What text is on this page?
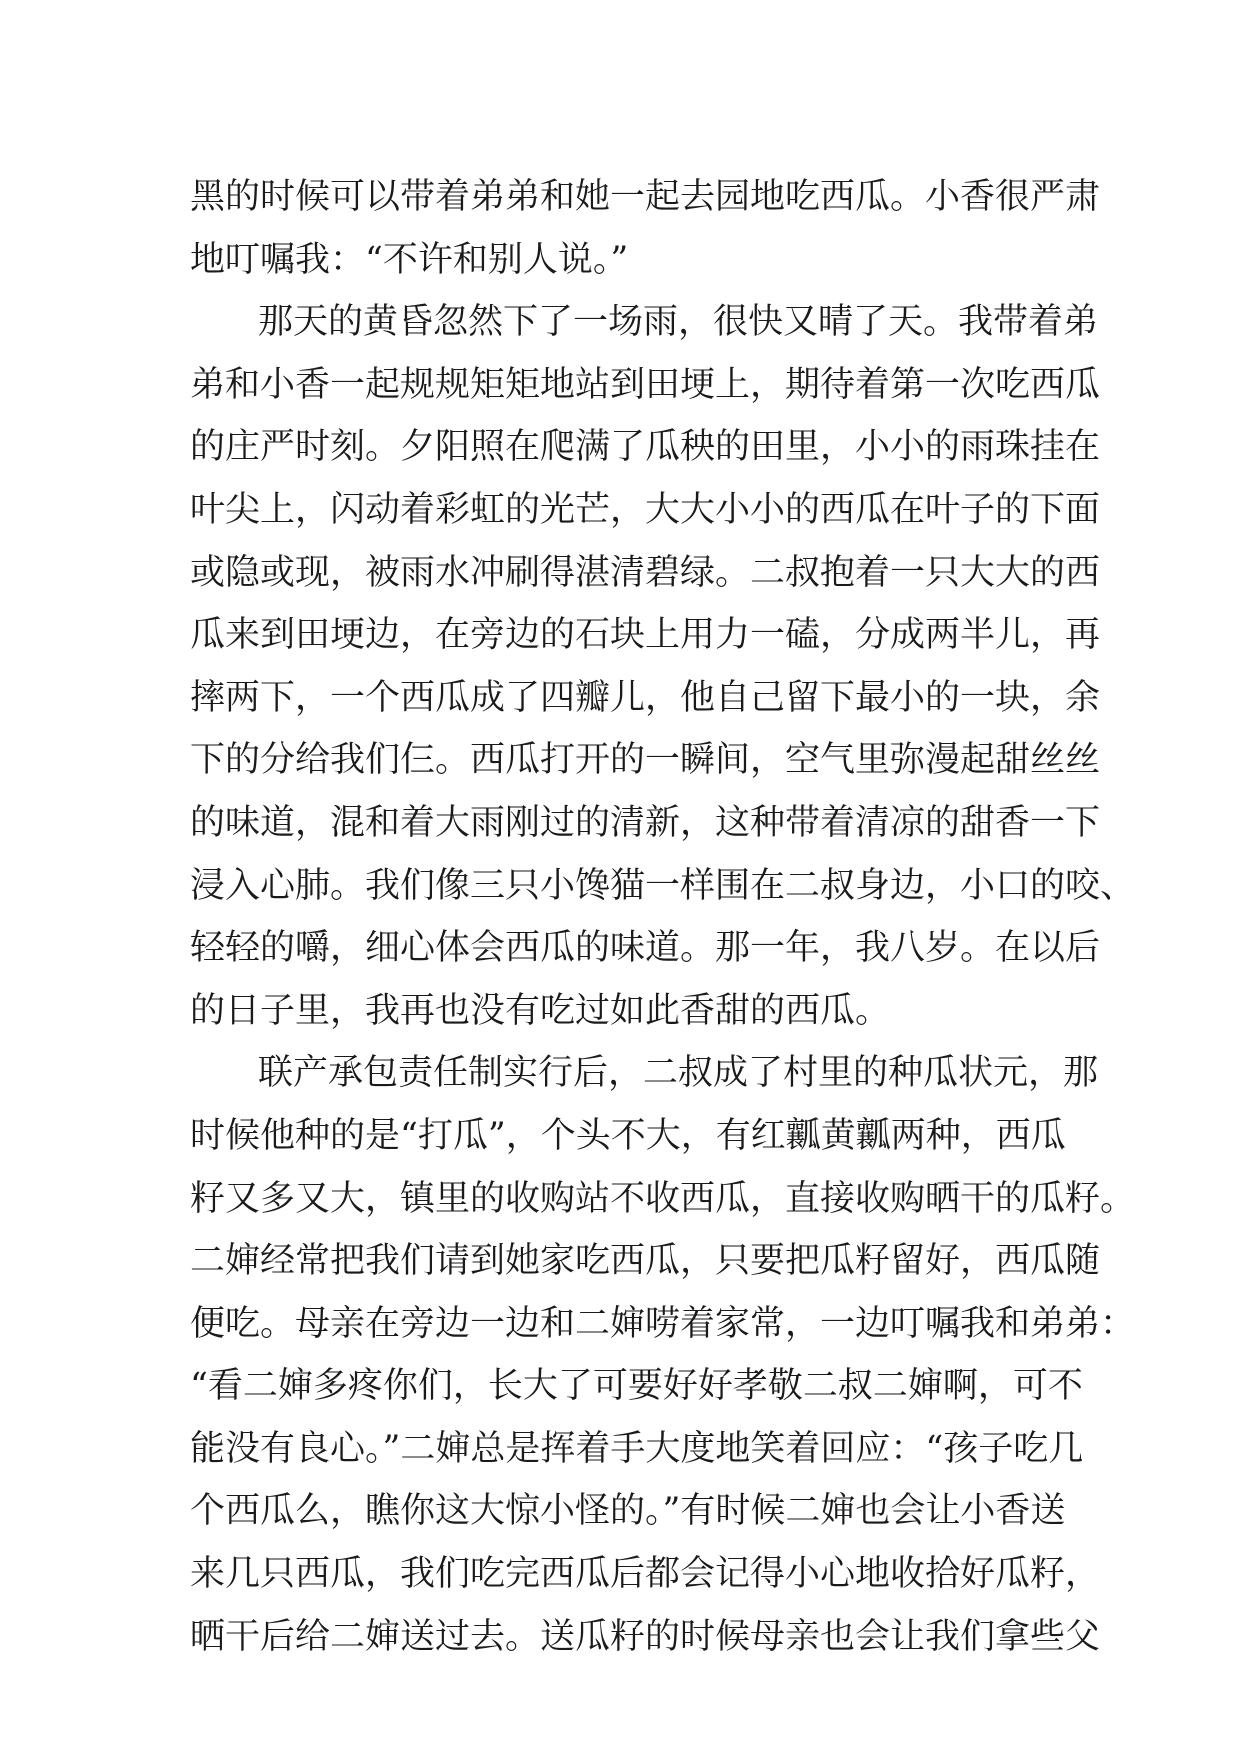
黑的时候可以带着弟弟和她一起去园地吃西瓜。小香很严肃
地叮嘱我：“不许和别人说。”
那天的黄昏忽然下了一场雨，很快又晴了天。我带着弟
弟和小香一起规规矩矩地站到田埂上，期待着第一次吃西瓜
的庄严时刻。夕阳照在爬满了瓜秧的田里，小小的雨珠挂在
叶尖上，闪动着彩虹的光芒，大大小小的西瓜在叶子的下面
或隐或现，被雨水冲刷得湛清碧绿。二叔抱着一只大大的西
瓜来到田埂边，在旁边的石块上用力一磕，分成两半儿，再
摔两下，一个西瓜成了四瓣儿，他自己留下最小的一块，余
下的分给我们仨。西瓜打开的一瞬间，空气里弥漫起甜丝丝
的味道，混和着大雨刚过的清新，这种带着清凉的甜香一下
浸入心肺。我们像三只小馋猫一样围在二叔身边，小口的咬、
轻轻的嚼，细心体会西瓜的味道。那一年，我八岁。在以后
的日子里，我再也没有吃过如此香甜的西瓜。
联产承包责任制实行后，二叔成了村里的种瓜状元，那
时候他种的是“打瓜”，个头不大，有红瓤黄瓤两种，西瓜
籽又多又大，镇里的收购站不收西瓜，直接收购晒干的瓜籽。
二婶经常把我们请到她家吃西瓜，只要把瓜籽留好，西瓜随
便吃。母亲在旁边一边和二婶唠着家常，一边叮嘱我和弟弟：
“看二婶多疼你们，长大了可要好好孝敬二叔二婶啊，可不
能没有良心。”二婶总是挥着手大度地笑着回应：“孩子吃几
个西瓜么，瞧你这大惊小怪的。”有时候二婶也会让小香送
来几只西瓜，我们吃完西瓜后都会记得小心地收拾好瓜籽，
晒干后给二婶送过去。送瓜籽的时候母亲也会让我们拿些父
